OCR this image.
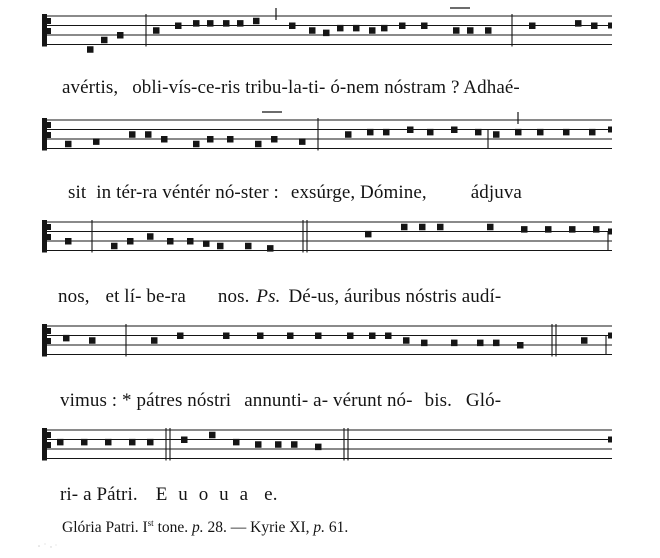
avértis, obli-vís-ce-ris tribu-la-ti- ó-nem nóstram ? Adhaé-
sit in tér-ra véntér nó-ster : exsúrge, Dómine, ádjuva
nos, et lí- be-ra nos. Ps. Dé-us, áuribus nóstris audí-
vimus : * pátres nóstri annunti- a- vérunt nó- bis. Gló-
ri- a Pátri. E u o u a e.
Glória Patri. Ist tone. p. 28. — Kyrie XI, p. 61.
